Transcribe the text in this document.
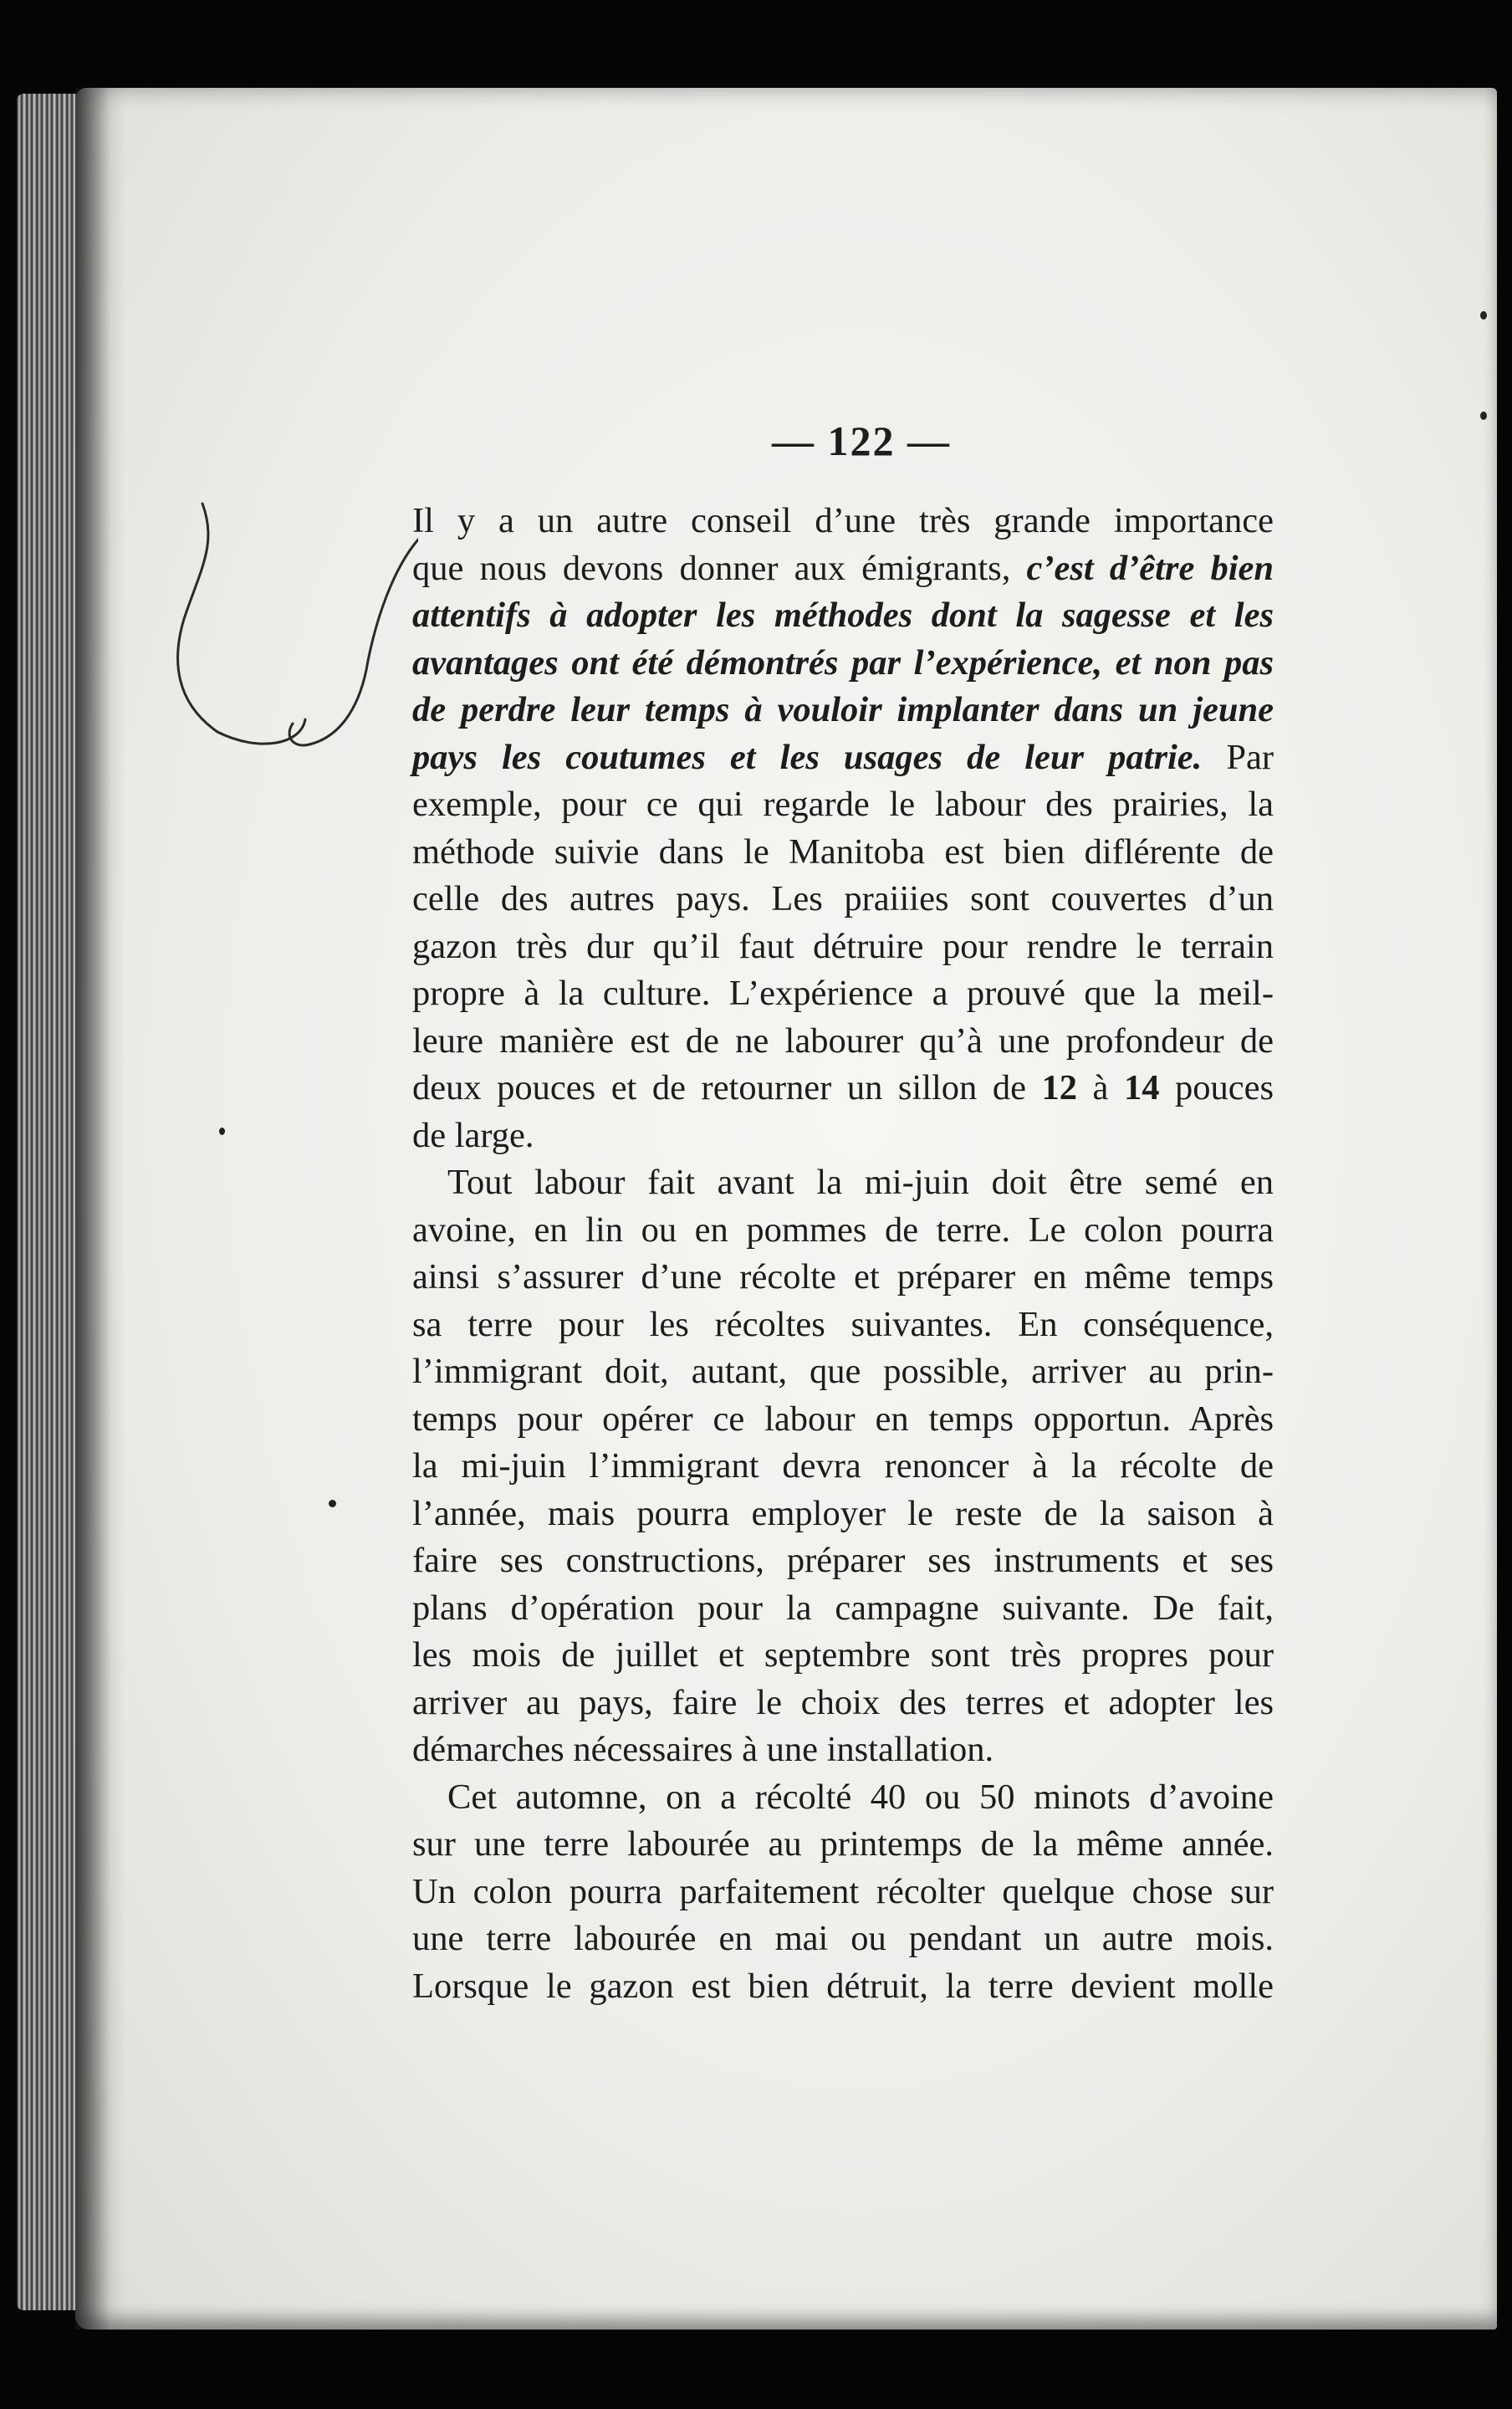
— 122 —
Il y a un autre conseil d’une très grande importance
que nous devons donner aux émigrants, c’est d’être bien
attentifs à adopter les méthodes dont la sagesse et les
avantages ont été démontrés par l’expérience, et non pas
de perdre leur temps à vouloir implanter dans un jeune
pays les coutumes et les usages de leur patrie. Par
exemple, pour ce qui regarde le labour des prairies, la
méthode suivie dans le Manitoba est bien diflérente de
celle des autres pays. Les praiiies sont couvertes d’un
gazon très dur qu’il faut détruire pour rendre le terrain
propre à la culture. L’expérience a prouvé que la meil-
leure manière est de ne labourer qu’à une profondeur de
deux pouces et de retourner un sillon de 12 à 14 pouces
de large.
Tout labour fait avant la mi-juin doit être semé en
avoine, en lin ou en pommes de terre. Le colon pourra
ainsi s’assurer d’une récolte et préparer en même temps
sa terre pour les récoltes suivantes. En conséquence,
l’immigrant doit, autant, que possible, arriver au prin-
temps pour opérer ce labour en temps opportun. Après
la mi-juin l’immigrant devra renoncer à la récolte de
l’année, mais pourra employer le reste de la saison à
faire ses constructions, préparer ses instruments et ses
plans d’opération pour la campagne suivante. De fait,
les mois de juillet et septembre sont très propres pour
arriver au pays, faire le choix des terres et adopter les
démarches nécessaires à une installation.
Cet automne, on a récolté 40 ou 50 minots d’avoine
sur une terre labourée au printemps de la même année.
Un colon pourra parfaitement récolter quelque chose sur
une terre labourée en mai ou pendant un autre mois.
Lorsque le gazon est bien détruit, la terre devient molle
